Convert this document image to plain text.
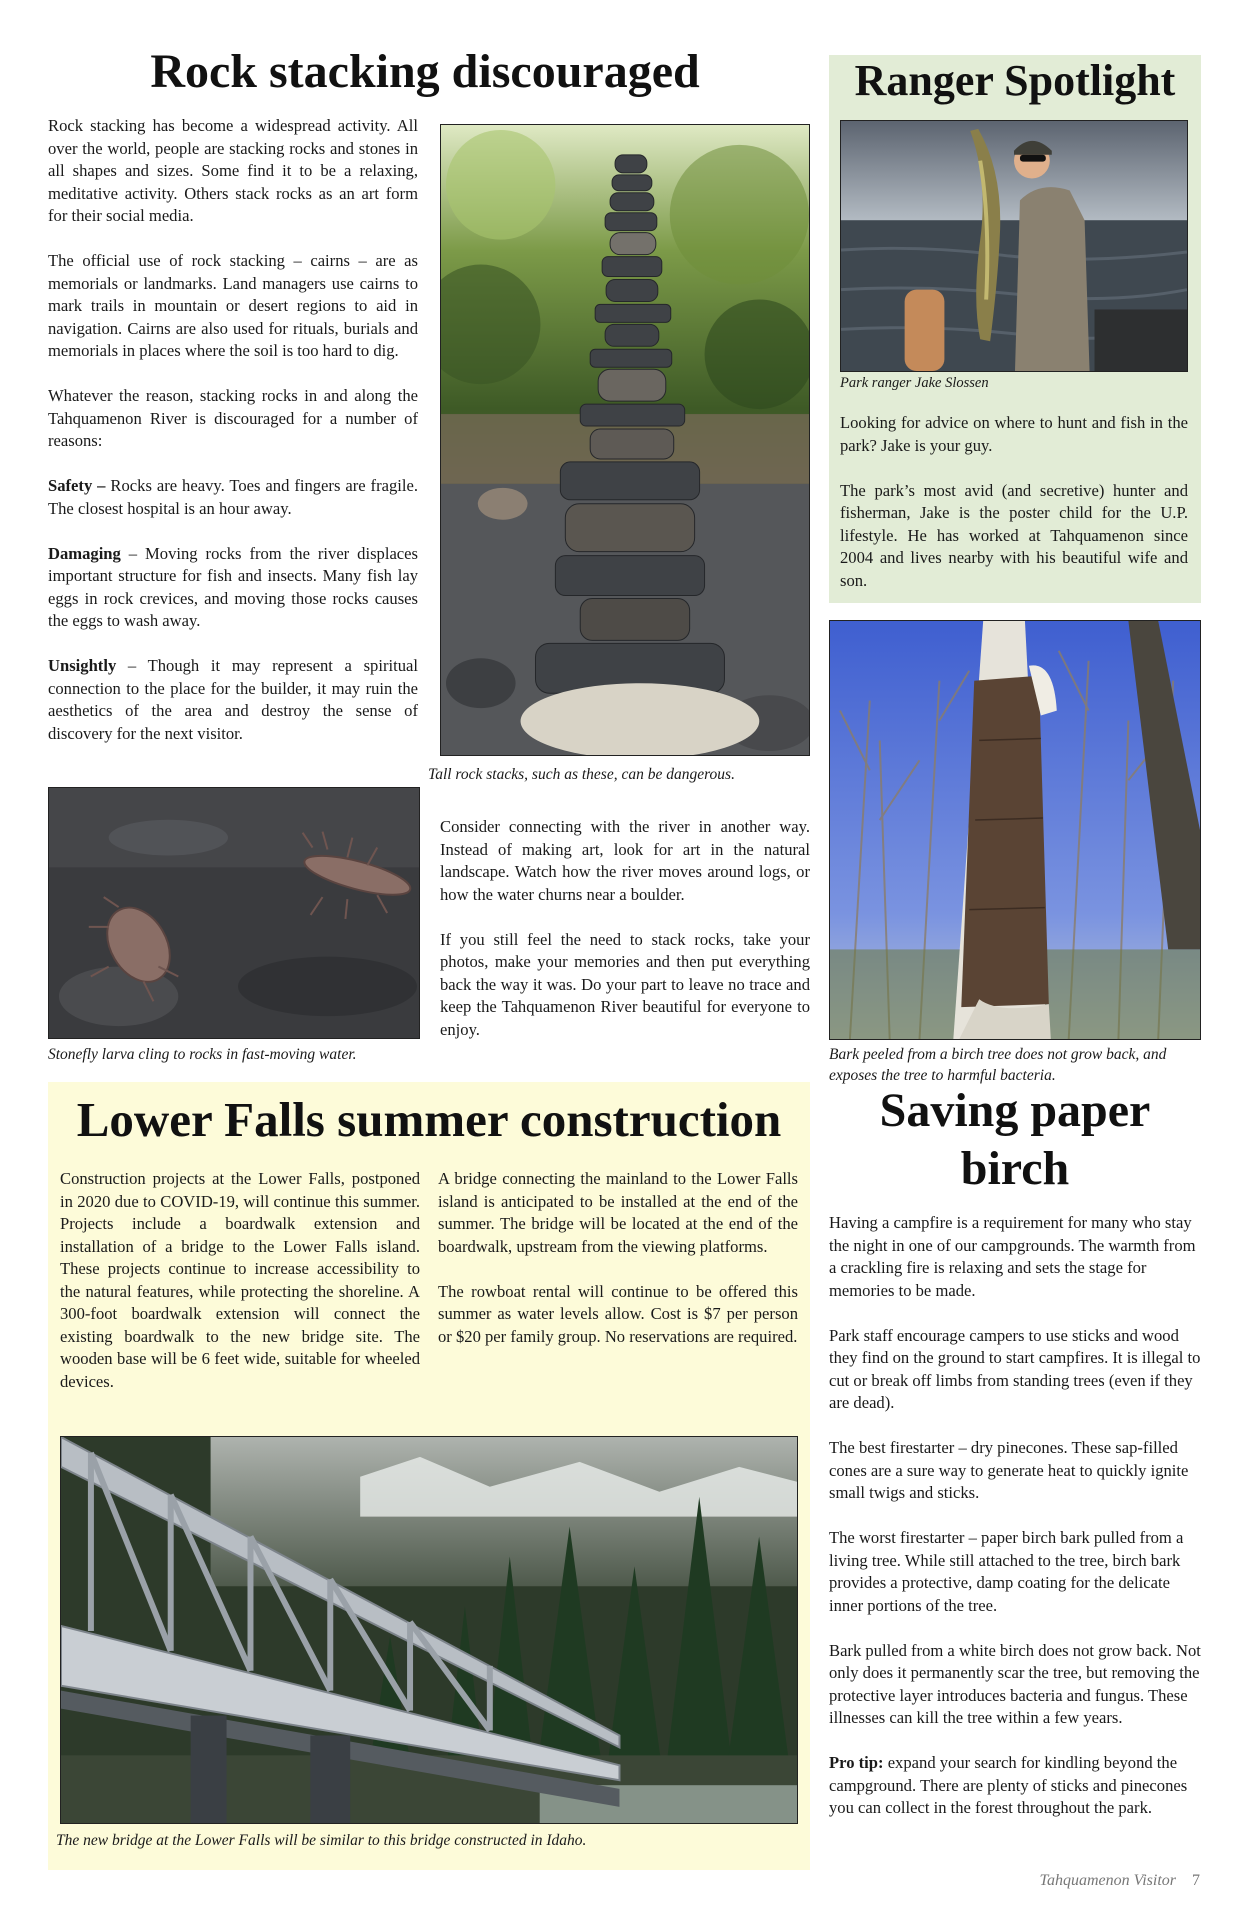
Rock stacking discouraged

Rock stacking has become a widespread activity. All over the world, people are stacking rocks and stones in all shapes and sizes. Some find it to be a relaxing, meditative activity. Others stack rocks as an art form for their social media.

The official use of rock stacking – cairns – are as memorials or landmarks. Land managers use cairns to mark trails in mountain or desert regions to aid in navigation. Cairns are also used for rituals, burials and memorials in places where the soil is too hard to dig.

Whatever the reason, stacking rocks in and along the Tahquamenon River is discouraged for a number of reasons:

Safety – Rocks are heavy. Toes and fingers are fragile. The closest hospital is an hour away.

Damaging – Moving rocks from the river displaces important structure for fish and insects. Many fish lay eggs in rock crevices, and moving those rocks causes the eggs to wash away.

Unsightly – Though it may represent a spiritual connection to the place for the builder, it may ruin the aesthetics of the area and destroy the sense of discovery for the next visitor.

Tall rock stacks, such as these, can be dangerous.
Stonefly larva cling to rocks in fast-moving water.

Consider connecting with the river in another way. Instead of making art, look for art in the natural landscape. Watch how the river moves around logs, or how the water churns near a boulder.

If you still feel the need to stack rocks, take your photos, make your memories and then put everything back the way it was. Do your part to leave no trace and keep the Tahquamenon River beautiful for everyone to enjoy.

Ranger Spotlight
Park ranger Jake Slossen

Looking for advice on where to hunt and fish in the park? Jake is your guy.

The park’s most avid (and secretive) hunter and fisherman, Jake is the poster child for the U.P. lifestyle. He has worked at Tahquamenon since 2004 and lives nearby with his beautiful wife and son.

Bark peeled from a birch tree does not grow back, and exposes the tree to harmful bacteria.
Lower Falls summer construction

Construction projects at the Lower Falls, postponed in 2020 due to COVID-19, will continue this summer. Projects include a boardwalk extension and installation of a bridge to the Lower Falls island. These projects continue to increase accessibility to the natural features, while protecting the shoreline. A 300-foot boardwalk extension will connect the existing boardwalk to the new bridge site. The wooden base will be 6 feet wide, suitable for wheeled devices.

A bridge connecting the mainland to the Lower Falls island is anticipated to be installed at the end of the summer. The bridge will be located at the end of the boardwalk, upstream from the viewing platforms.

The rowboat rental will continue to be offered this summer as water levels allow. Cost is $7 per person or $20 per family group. No reservations are required.

The new bridge at the Lower Falls will be similar to this bridge constructed in Idaho.
Saving paper birch

Having a campfire is a requirement for many who stay the night in one of our campgrounds. The warmth from a crackling fire is relaxing and sets the stage for memories to be made.

Park staff encourage campers to use sticks and wood they find on the ground to start campfires. It is illegal to cut or break off limbs from standing trees (even if they are dead).

The best firestarter – dry pinecones. These sap-filled cones are a sure way to generate heat to quickly ignite small twigs and sticks.

The worst firestarter – paper birch bark pulled from a living tree. While still attached to the tree, birch bark provides a protective, damp coating for the delicate inner portions of the tree.

Bark pulled from a white birch does not grow back. Not only does it permanently scar the tree, but removing the protective layer introduces bacteria and fungus. These illnesses can kill the tree within a few years.

Pro tip: expand your search for kindling beyond the campground. There are plenty of sticks and pinecones you can collect in the forest throughout the park.

Tahquamenon Visitor 7
